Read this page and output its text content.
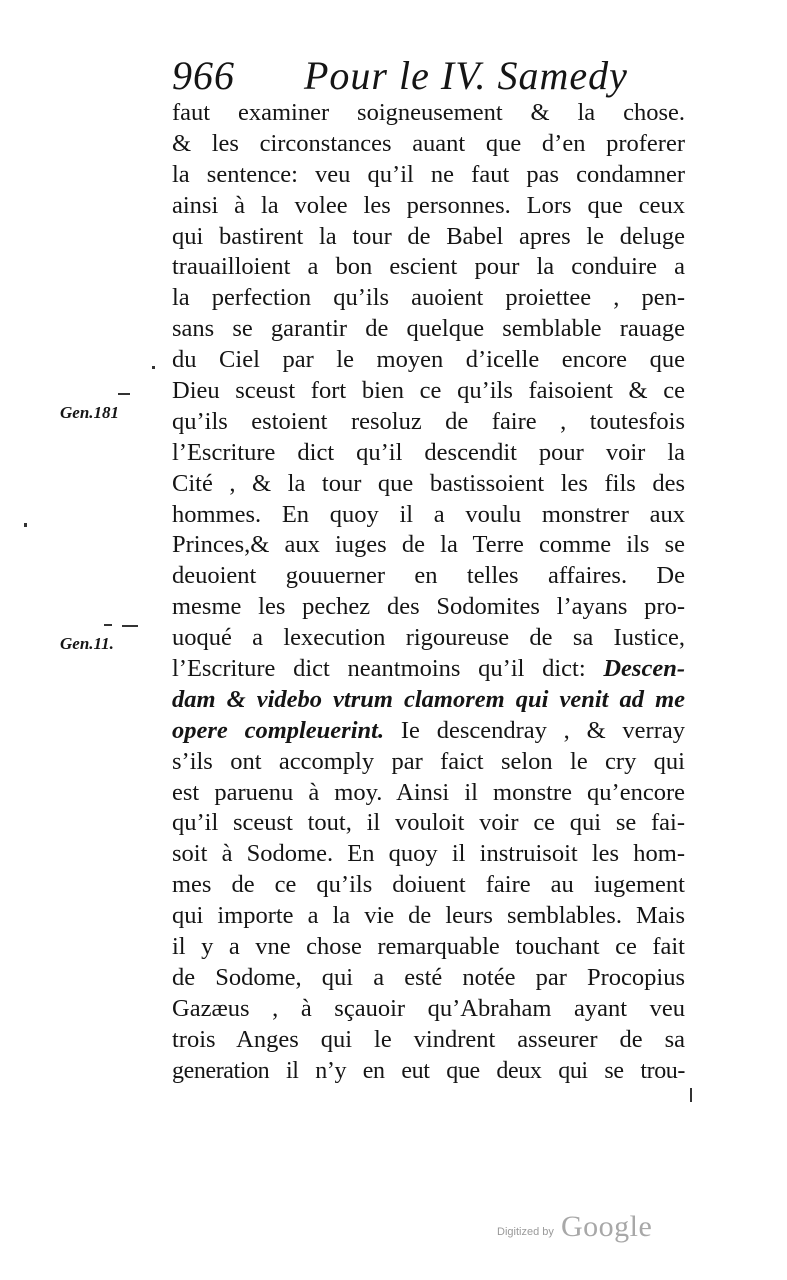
966 Pour le IV. Samedy
Gen.181
Gen.11.
faut examiner soigneusement & la chose.
& les circonstances auant que d’en proferer
la sentence: veu qu’il ne faut pas condamner
ainsi à la volee les personnes. Lors que ceux
qui bastirent la tour de Babel apres le deluge
trauailloient a bon escient pour la conduire a
la perfection qu’ils auoient proiettee , pen-
sans se garantir de quelque semblable rauage
du Ciel par le moyen d’icelle encore que
Dieu sceust fort bien ce qu’ils faisoient & ce
qu’ils estoient resoluz de faire , toutesfois
l’Escriture dict qu’il descendit pour voir la
Cité , & la tour que bastissoient les fils des
hommes. En quoy il a voulu monstrer aux
Princes,& aux iuges de la Terre comme ils se
deuoient gouuerner en telles affaires. De
mesme les pechez des Sodomites l’ayans pro-
uoqué a lexecution rigoureuse de sa Iustice,
l’Escriture dict neantmoins qu’il dict: Descen-
dam & videbo vtrum clamorem qui venit ad me
opere compleuerint. Ie descendray , & verray
s’ils ont accomply par faict selon le cry qui
est paruenu à moy. Ainsi il monstre qu’encore
qu’il sceust tout, il vouloit voir ce qui se fai-
soit à Sodome. En quoy il instruisoit les hom-
mes de ce qu’ils doiuent faire au iugement
qui importe a la vie de leurs semblables. Mais
il y a vne chose remarquable touchant ce fait
de Sodome, qui a esté notée par Procopius
Gazæus , à sçauoir qu’Abraham ayant veu
trois Anges qui le vindrent asseurer de sa
generation il n’y en eut que deux qui se trou-
Digitized by Google
